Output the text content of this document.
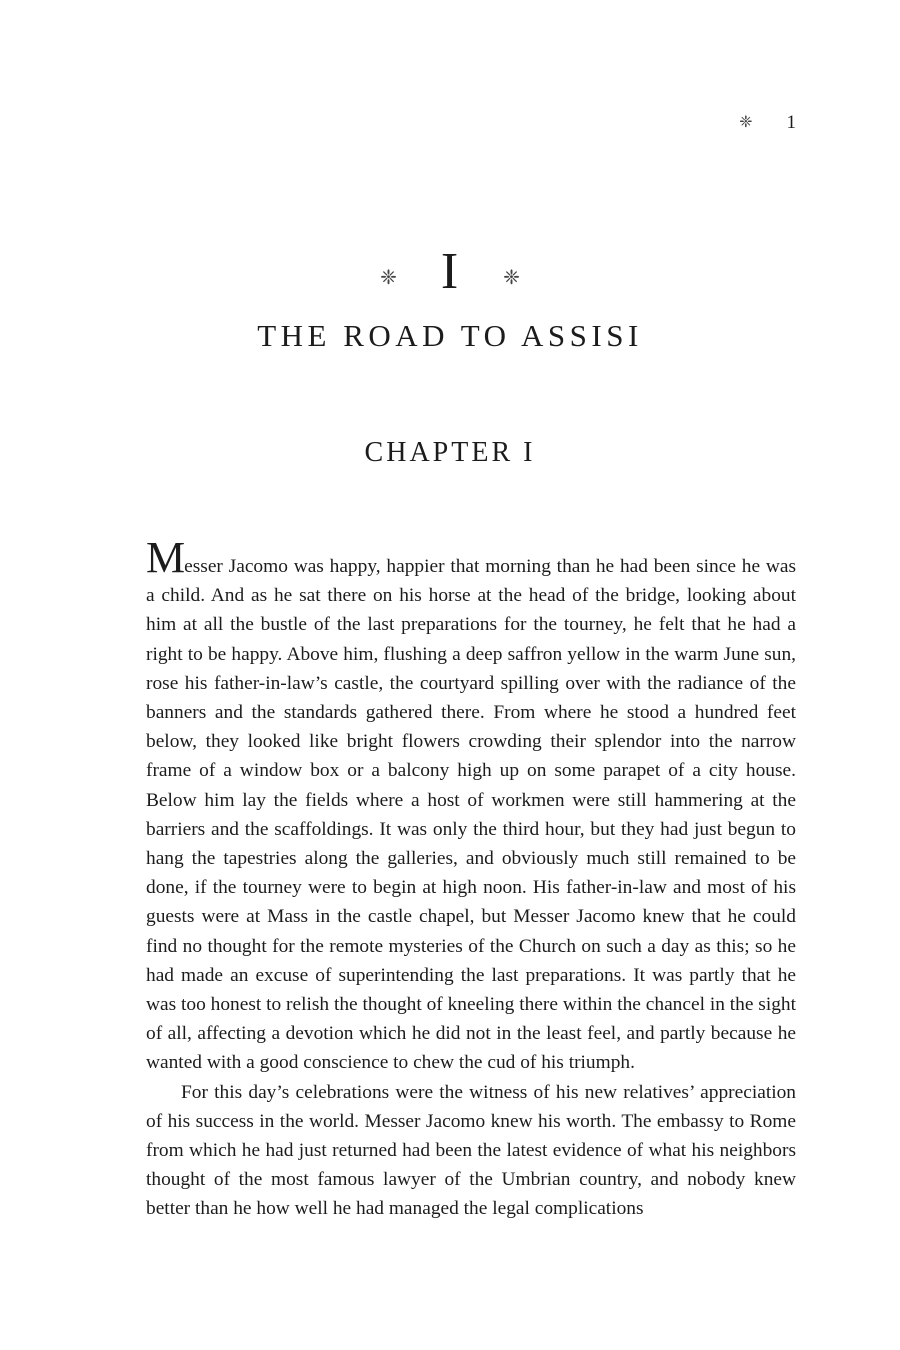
❈ 1
❈ I ❈
THE ROAD TO ASSISI
CHAPTER I

Messer Jacomo was happy, happier that morning than he had been since he was a child. And as he sat there on his horse at the head of the bridge, looking about him at all the bustle of the last preparations for the tourney, he felt that he had a right to be happy. Above him, flushing a deep saffron yellow in the warm June sun, rose his father-in-law’s castle, the courtyard spilling over with the radiance of the banners and the standards gathered there. From where he stood a hundred feet below, they looked like bright flowers crowding their splendor into the narrow frame of a window box or a balcony high up on some parapet of a city house. Below him lay the fields where a host of workmen were still hammering at the barriers and the scaffoldings. It was only the third hour, but they had just begun to hang the tapestries along the galleries, and obviously much still remained to be done, if the tourney were to begin at high noon. His father-in-law and most of his guests were at Mass in the castle chapel, but Messer Jacomo knew that he could find no thought for the remote mysteries of the Church on such a day as this; so he had made an excuse of superintending the last preparations. It was partly that he was too honest to relish the thought of kneeling there within the chancel in the sight of all, affecting a devotion which he did not in the least feel, and partly because he wanted with a good conscience to chew the cud of his triumph.

For this day’s celebrations were the witness of his new relatives’ appreciation of his success in the world. Messer Jacomo knew his worth. The embassy to Rome from which he had just returned had been the latest evidence of what his neighbors thought of the most famous lawyer of the Umbrian country, and nobody knew better than he how well he had managed the legal complications
